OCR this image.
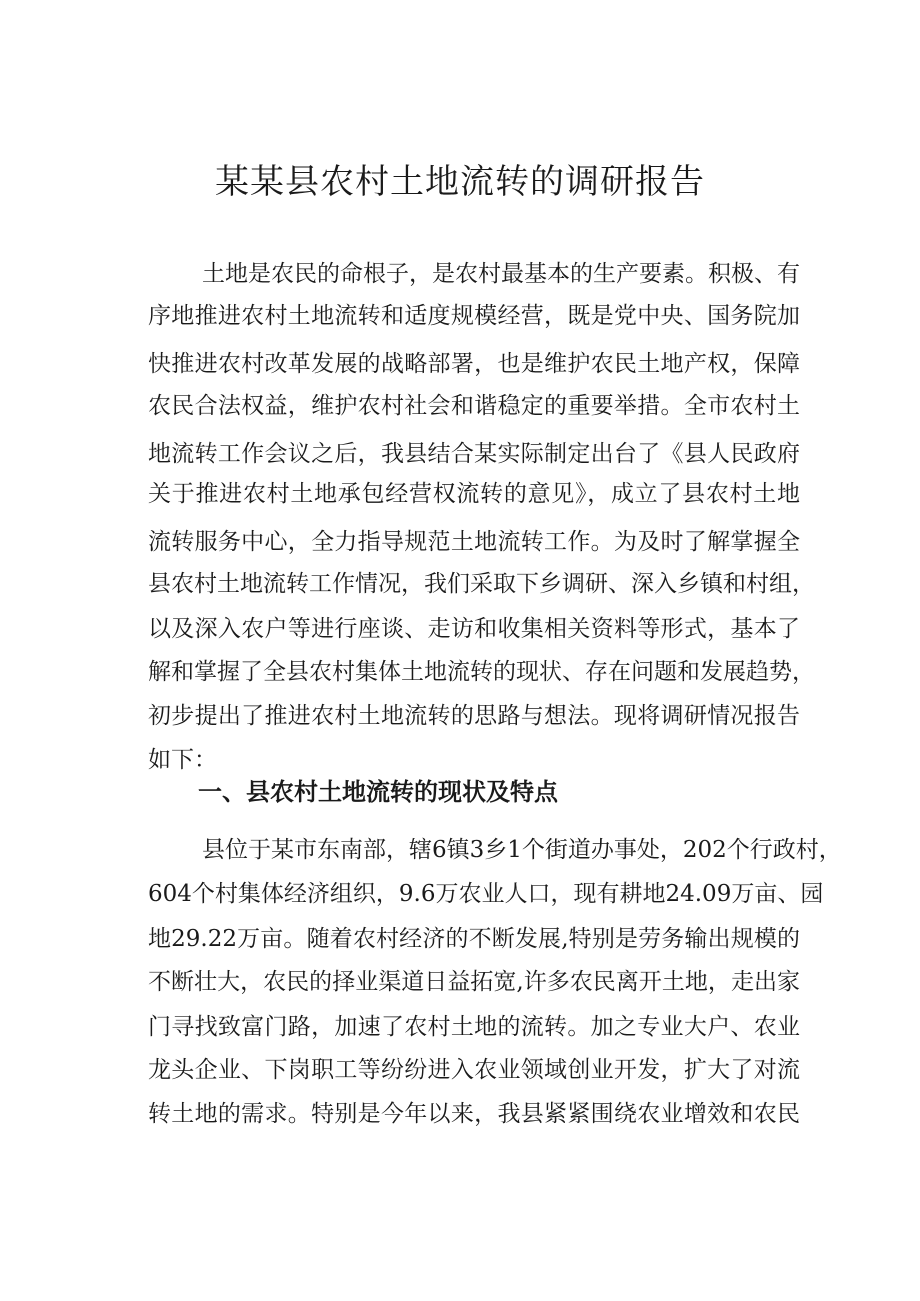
某某县农村土地流转的调研报告
土地是农民的命根子，是农村最基本的生产要素。积极、有
序地推进农村土地流转和适度规模经营，既是党中央、国务院加
快推进农村改革发展的战略部署，也是维护农民土地产权，保障
农民合法权益，维护农村社会和谐稳定的重要举措。全市农村土
地流转工作会议之后，我县结合某实际制定出台了《县人民政府
关于推进农村土地承包经营权流转的意见》，成立了县农村土地
流转服务中心，全力指导规范土地流转工作。为及时了解掌握全
县农村土地流转工作情况，我们采取下乡调研、深入乡镇和村组，
以及深入农户等进行座谈、走访和收集相关资料等形式，基本了
解和掌握了全县农村集体土地流转的现状、存在问题和发展趋势，
初步提出了推进农村土地流转的思路与想法。现将调研情况报告
如下：
一、县农村土地流转的现状及特点
县位于某市东南部，辖6镇3乡1个街道办事处，202个行政村，
604个村集体经济组织，9.6万农业人口，现有耕地24.09万亩、园
地29.22万亩。随着农村经济的不断发展,特别是劳务输出规模的
不断壮大，农民的择业渠道日益拓宽,许多农民离开土地，走出家
门寻找致富门路，加速了农村土地的流转。加之专业大户、农业
龙头企业、下岗职工等纷纷进入农业领域创业开发，扩大了对流
转土地的需求。特别是今年以来，我县紧紧围绕农业增效和农民
